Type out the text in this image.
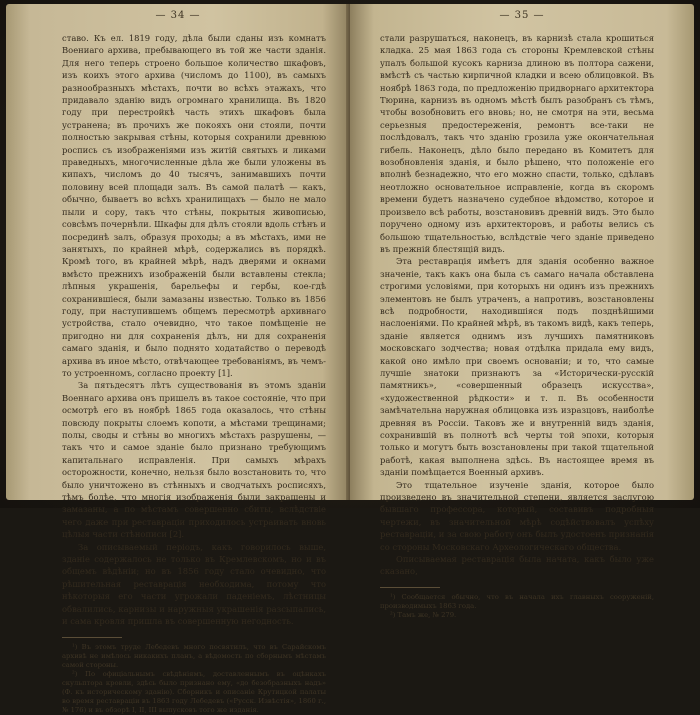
— 34 —

ставо. Къ ел. 1819 году, дѣла были сданы изъ комнатъ Воениаго архива, пребывающего въ той же части зданія. Для него теперь строено большое количество шкафовъ, изъ коихъ этого архива (числомъ до 1100), въ самыхъ разнообразныхъ мѣстахъ, почти во всѣхъ этажахъ, что придавало зданію видъ огромнаго хранилища. Въ 1820 году при перестройкѣ часть этихъ шкафовъ была устранена; въ прочихъ же покояхъ они стояли, почти полностью закрывая стѣны, которыя сохранили древнюю роспись съ изображеніями изъ житій святыхъ и ликами праведныхъ, многочисленные дѣла же были уложены въ кипахъ, числомъ до 40 тысячъ, занимавшихъ почти половину всей площади залъ. Въ самой палатѣ — какъ, обычно, бываетъ во всѣхъ хранилищахъ — было не мало пыли и сору, такъ что стѣны, покрытыя живописью, совсѣмъ почернѣли. Шкафы для дѣлъ стояли вдоль стѣнъ и посрединѣ залъ, образуя проходы; а въ мѣстахъ, ими не занятыхъ, по крайней мѣрѣ, содержались въ порядкѣ. Кромѣ того, въ крайней мѣрѣ, надъ дверями и окнами вмѣсто прежнихъ изображеній были вставлены стекла; лѣпныя украшенія, барельефы и гербы, кое-гдѣ сохранившіеся, были замазаны известью. Только въ 1856 году, при наступившемъ общемъ пересмотрѣ архивнаго устройства, стало очевидно, что такое помѣщеніе не пригодно ни для сохраненія дѣлъ, ни для сохраненія самаго зданія, и было поднято ходатайство о переводѣ архива въ иное мѣсто, отвѣчающее требованіямъ, въ чемъ-то устроенномъ, согласно проекту [1].

За пятьдесятъ лѣтъ существованія въ этомъ зданіи Военнаго архива онъ пришелъ въ такое состояніе, что при осмотрѣ его въ ноябрѣ 1865 года оказалось, что стѣны повсюду покрыты слоемъ копоти, а мѣстами трещинами; полы, своды и стѣны во многихъ мѣстахъ разрушены, — такъ что и самое зданіе было признано требующимъ капитальнаго исправленія. При самыхъ мѣрахъ осторожности, конечно, нельзя было возстановить то, что было уничтожено въ стѣнныхъ и сводчатыхъ росписяхъ, тѣмъ болѣе, что многія изображенія были закрашены и замазаны, а по мѣстамъ совершенно сбиты, вслѣдствіе чего даже при реставраціи приходилось устраивать вновь цѣлыя части стѣнописи [2].

За описываемый періодъ, какъ говорилось выше, зданіе содержалось не только въ Кремлевскомъ, но и въ общемъ вѣдѣніи; но въ 1856 году стало очевидно, что рѣшительная реставрація необходима, потому что нѣкоторыя его части угрожали паденіемъ, лѣстницы обвалились, карнизы и наружныя украшенія разсыпались, и сама кровля пришла въ совершенную негодность.

¹) Въ этомъ труде Лебедевъ много посвятилъ, что въ Сарайскомъ архивѣ не имѣлось никакихъ планъ, а вѣдомость по сборнымъ мѣстамъ самой стороны.

²) По офиціальнымъ свѣдѣніямъ, доставленнымъ въ оцѣнкахъ скульптора кровли, здѣсь было признано ему, «до безобразныхъ надъ» (Ф. къ историческому зданію). Сборникъ и описаніе Крутицкой палаты во время реставраціи въ 1863 году Лебедевъ («Русск. Извѣстія», 1860 г., № 176) и въ обзорѣ I, II, III выпусковъ того же изданія.

— 35 —

стали разрушаться, наконецъ, въ карнизѣ стала крошиться кладка. 25 мая 1863 года съ стороны Кремлевской стѣны упалъ большой кусокъ карниза длиною въ полтора сажени, вмѣстѣ съ частью кирпичной кладки и всею облицовкой. Въ ноябрѣ 1863 года, по предложенію придворнаго архитектора Тюрина, карнизъ въ одномъ мѣстѣ былъ разобранъ съ тѣмъ, чтобы возобновить его вновь; но, не смотря на эти, весьма серьезныя предостереженія, ремонтъ все-таки не послѣдовалъ, такъ что зданію грозила уже окончательная гибель. Наконецъ, дѣло было передано въ Комитетъ для возобновленія зданія, и было рѣшено, что положеніе его вполнѣ безнадежно, что его можно спасти, только, сдѣлавъ неотложно основательное исправленіе, когда въ скоромъ времени будетъ назначено судебное вѣдомство, которое и произвело всѣ работы, возстановивъ древній видъ. Это было поручено одному изъ архитекторовъ, и работы велись съ большою тщательностью, вслѣдствіе чего зданіе приведено въ прежній блестящій видъ.

Эта реставрація имѣетъ для зданія особенно важное значеніе, такъ какъ она была съ самаго начала обставлена строгими условіями, при которыхъ ни одинъ изъ прежнихъ элементовъ не былъ утраченъ, а напротивъ, возстановлены всѣ подробности, находившіяся подъ позднѣйшими наслоеніями. По крайней мѣрѣ, въ такомъ видѣ, какъ теперь, зданіе является однимъ изъ лучшихъ памятниковъ московскаго зодчества; новая отдѣлка придала ему видъ, какой оно имѣло при своемъ основаніи; и то, что самые лучшіе знатоки признаютъ за «Исторически-русскій памятникъ», «совершенный образецъ искусства», «художественной рѣдкости» и т. п. Въ особенности замѣчательна наружная облицовка изъ изразцовъ, наиболѣе древняя въ Россіи. Таковъ же и внутренній видъ зданія, сохранившій въ полнотѣ всѣ черты той эпохи, которыя только и могутъ быть возстановлены при такой тщательной работѣ, какая выполнена здѣсь. Въ настоящее время въ зданіи помѣщается Военный архивъ.

Это тщательное изученіе зданія, которое было произведено въ значительной степени, является заслугою бывшаго профессора, который, составивъ подробныя чертежи, въ значительной мѣрѣ содѣйствовалъ успѣху реставраціи, и за свою работу онъ былъ удостоенъ признанія со стороны Московскаго Археологическаго общества.

Описываемая реставрація была начата, какъ было уже сказано,

¹) Сообщается обычно, что въ начала ихъ главныхъ сооруженій, производимыхъ 1863 года.

²) Тамъ же, № 279.
